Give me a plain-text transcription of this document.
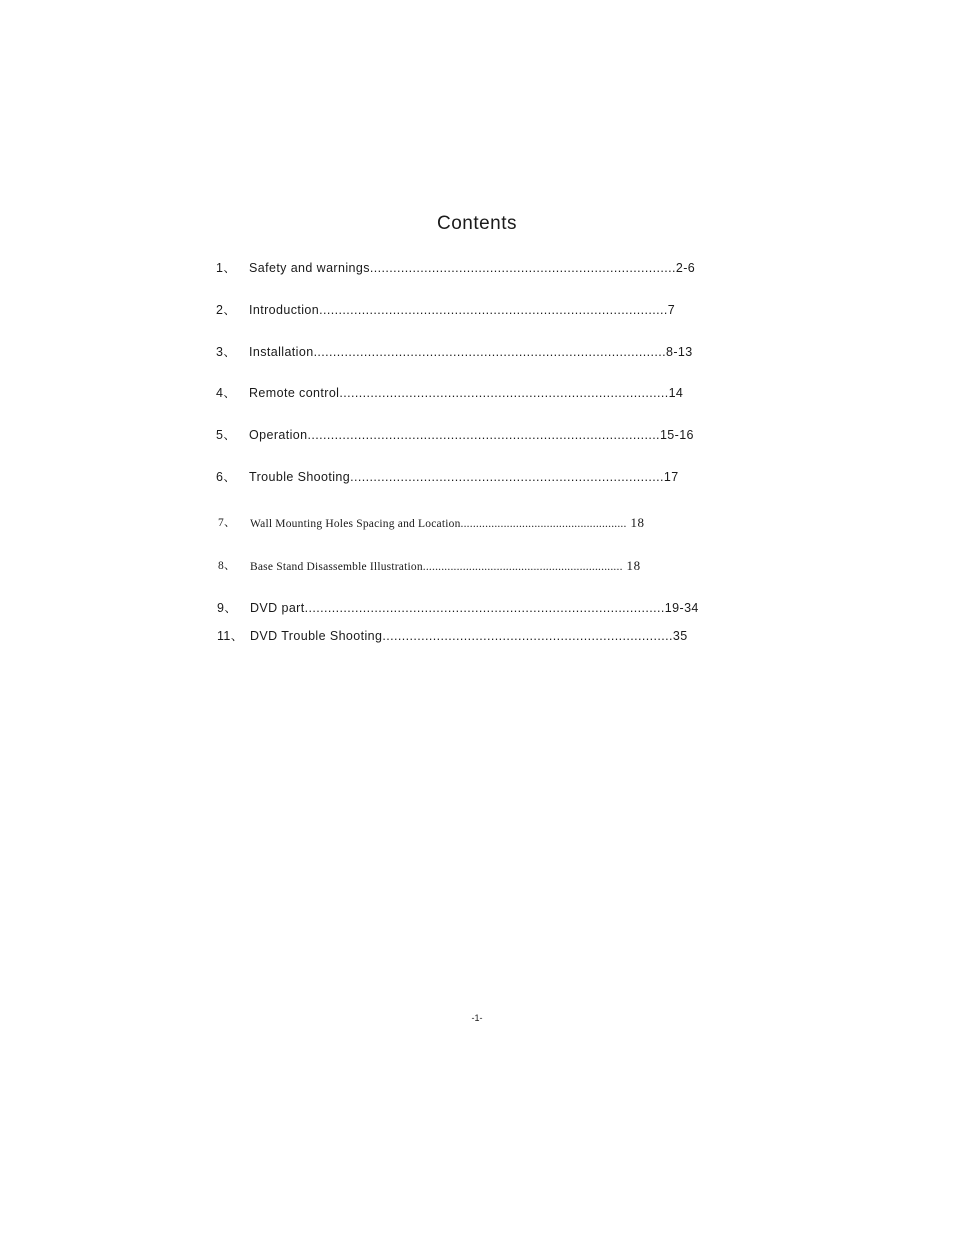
Contents
1、 Safety and warnings...............................................................................2-6
2、 Introduction..........................................................................................7
3、 Installation...........................................................................................8-13
4、 Remote control.....................................................................................14
5、 Operation...........................................................................................15-16
6、 Trouble Shooting.................................................................................17
7、 Wall Mounting Holes Spacing and Location...................................................... 18
8、 Base Stand Disassemble Illustration................................................................. 18
9、 DVD part.............................................................................................19-34
11、 DVD Trouble Shooting...........................................................................35
-1-
